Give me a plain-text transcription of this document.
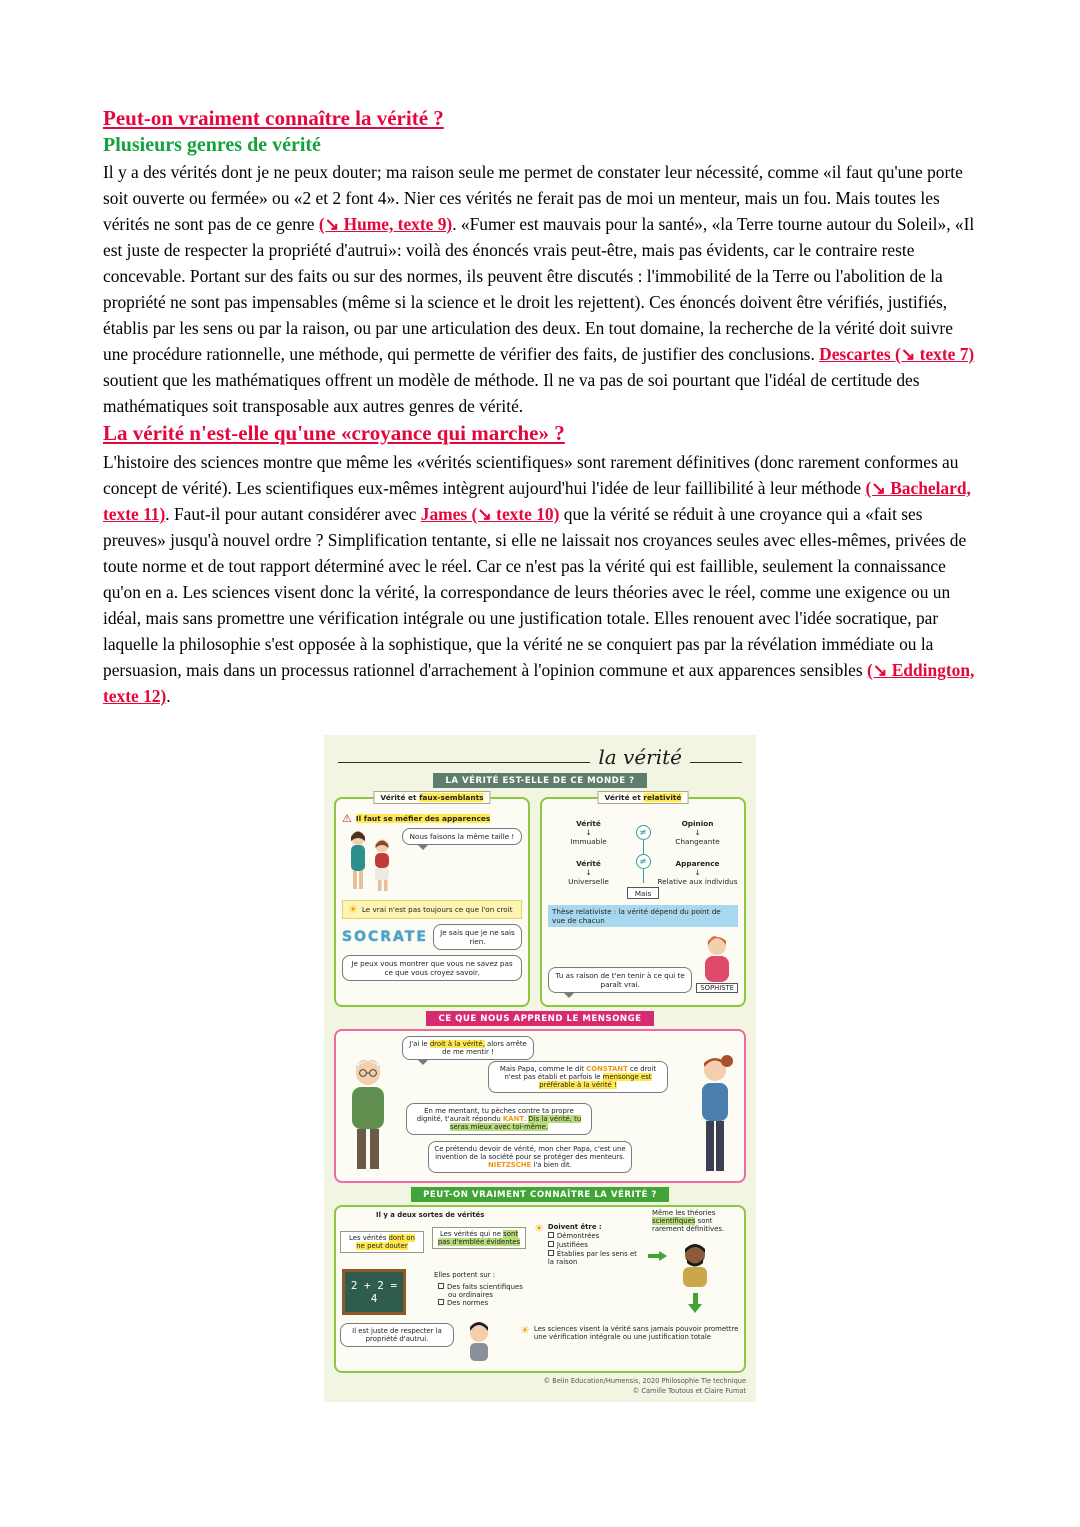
Peut-on vraiment connaître la vérité ?
Plusieurs genres de vérité

Il y a des vérités dont je ne peux douter; ma raison seule me permet de constater leur nécessité, comme «il faut qu'une porte soit ouverte ou fermée» ou «2 et 2 font 4». Nier ces vérités ne ferait pas de moi un menteur, mais un fou. Mais toutes les vérités ne sont pas de ce genre (↘ Hume, texte 9). «Fumer est mauvais pour la santé», «la Terre tourne autour du Soleil», «Il est juste de respecter la propriété d'autrui»: voilà des énoncés vrais peut-être, mais pas évidents, car le contraire reste concevable. Portant sur des faits ou sur des normes, ils peuvent être discutés : l'immobilité de la Terre ou l'abolition de la propriété ne sont pas impensables (même si la science et le droit les rejettent). Ces énoncés doivent être vérifiés, justifiés, établis par les sens ou par la raison, ou par une articulation des deux. En tout domaine, la recherche de la vérité doit suivre une procédure rationnelle, une méthode, qui permette de vérifier des faits, de justifier des conclusions. Descartes (↘ texte 7) soutient que les mathématiques offrent un modèle de méthode. Il ne va pas de soi pourtant que l'idéal de certitude des mathématiques soit transposable aux autres genres de vérité.

La vérité n'est-elle qu'une «croyance qui marche» ?

L'histoire des sciences montre que même les «vérités scientifiques» sont rarement définitives (donc rarement conformes au concept de vérité). Les scientifiques eux-mêmes intègrent aujourd'hui l'idée de leur faillibilité à leur méthode (↘ Bachelard, texte 11). Faut-il pour autant considérer avec James (↘ texte 10) que la vérité se réduit à une croyance qui a «fait ses preuves» jusqu'à nouvel ordre ? Simplification tentante, si elle ne laissait nos croyances seules avec elles-mêmes, privées de toute norme et de tout rapport déterminé avec le réel. Car ce n'est pas la vérité qui est faillible, seulement la connaissance qu'on en a. Les sciences visent donc la vérité, la correspondance de leurs théories avec le réel, comme une exigence ou un idéal, mais sans promettre une vérification intégrale ou une justification totale. Elles renouent avec l'idée socratique, par laquelle la philosophie s'est opposée à la sophistique, que la vérité ne se conquiert pas par la révélation immédiate ou la persuasion, mais dans un processus rationnel d'arrachement à l'opinion commune et aux apparences sensibles (↘ Eddington, texte 12).

la vérité
LA VÉRITÉ EST-ELLE DE CE MONDE ?
Vérité et faux-semblants
⚠ Il faut se méfier des apparences
Nous faisons la même taille !
☀ Le vrai n'est pas toujours ce que l'on croit
SOCRATE	Je sais que je ne sais rien.
Je peux vous montrer que vous ne savez pas ce que vous croyez savoir.
Vérité et relativité
Vérité
↓
Immuable
Vérité
↓
Universelle
≠
≠
Opinion
↓
Changeante
Apparence
↓
Relative aux individus
Mais
Thèse relativiste : la vérité dépend du point de vue de chacun
Tu as raison de t'en tenir à ce qui te paraît vrai.	SOPHISTE
CE QUE NOUS APPREND LE MENSONGE
J'ai le droit à la vérité, alors arrête de me mentir !
Mais Papa, comme le dit CONSTANT ce droit n'est pas établi et parfois le mensonge est préférable à la vérité !
En me mentant, tu pèches contre ta propre dignité, t'aurait répondu KANT. Dis la vérité, tu seras mieux avec toi-même.
Ce prétendu devoir de vérité, mon cher Papa, c'est une invention de la société pour se protéger des menteurs. NIETZSCHE l'a bien dit.
PEUT-ON VRAIMENT CONNAÎTRE LA VÉRITÉ ?
Il y a deux sortes de vérités
Les vérités dont on ne peut douter
Les vérités qui ne sont pas d'emblée évidentes
☀ Doivent être :
Démontrées
Justifiées
Établies par les sens et la raison
Même les théories scientifiques sont rarement définitives.
2 + 2 = 4
Elles portent sur :
Des faits scientifiques
ou ordinaires
Des normes
Il est juste de respecter la propriété d'autrui.
☀ Les sciences visent la vérité sans jamais pouvoir promettre une vérification intégrale ou une justification totale
© Belin Education/Humensis, 2020 Philosophie Tle technique
© Camille Toutous et Claire Fumat
